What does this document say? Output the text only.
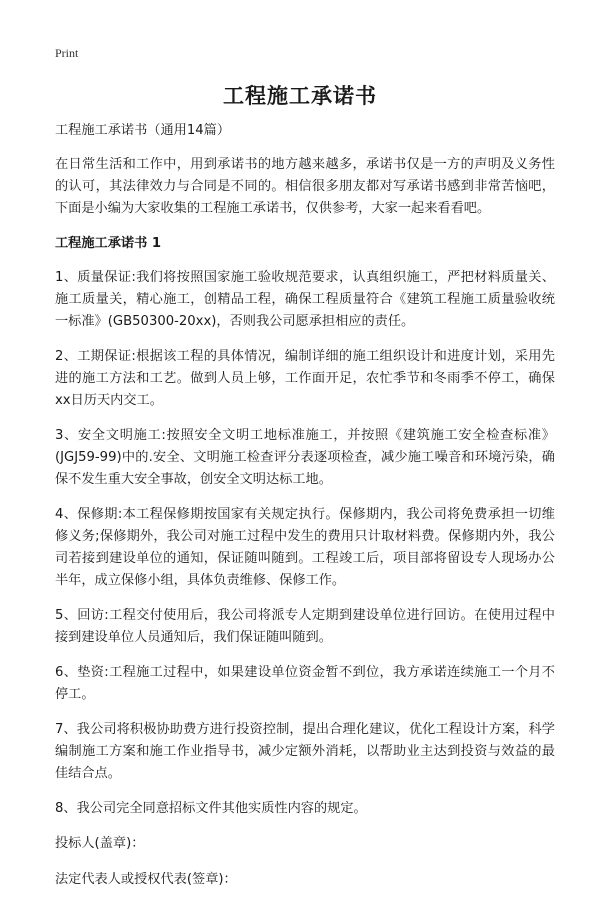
Print
工程施工承诺书

工程施工承诺书（通用14篇）

在日常生活和工作中，用到承诺书的地方越来越多，承诺书仅是一方的声明及义务性的认可，其法律效力与合同是不同的。相信很多朋友都对写承诺书感到非常苦恼吧，下面是小编为大家收集的工程施工承诺书，仅供参考，大家一起来看看吧。

工程施工承诺书 1

1、质量保证:我们将按照国家施工验收规范要求，认真组织施工，严把材料质量关、施工质量关，精心施工，创精品工程，确保工程质量符合《建筑工程施工质量验收统一标准》(GB50300-20xx)，否则我公司愿承担相应的责任。

2、工期保证:根据该工程的具体情况，编制详细的施工组织设计和进度计划，采用先进的施工方法和工艺。做到人员上够，工作面开足，农忙季节和冬雨季不停工，确保xx日历天内交工。

3、安全文明施工:按照安全文明工地标准施工，并按照《建筑施工安全检查标准》(JGJ59-99)中的.安全、文明施工检查评分表逐项检查，减少施工噪音和环境污染，确保不发生重大安全事故，创安全文明达标工地。

4、保修期:本工程保修期按国家有关规定执行。保修期内，我公司将免费承担一切维修义务;保修期外，我公司对施工过程中发生的费用只计取材料费。保修期内外，我公司若接到建设单位的通知，保证随叫随到。工程竣工后，项目部将留设专人现场办公半年，成立保修小组，具体负责维修、保修工作。

5、回访:工程交付使用后，我公司将派专人定期到建设单位进行回访。在使用过程中接到建设单位人员通知后，我们保证随叫随到。

6、垫资:工程施工过程中，如果建设单位资金暂不到位，我方承诺连续施工一个月不停工。

7、我公司将积极协助费方进行投资控制，提出合理化建议，优化工程设计方案，科学编制施工方案和施工作业指导书，减少定额外消耗，以帮助业主达到投资与效益的最佳结合点。

8、我公司完全同意招标文件其他实质性内容的规定。

投标人(盖章)：

法定代表人或授权代表(签章)：
